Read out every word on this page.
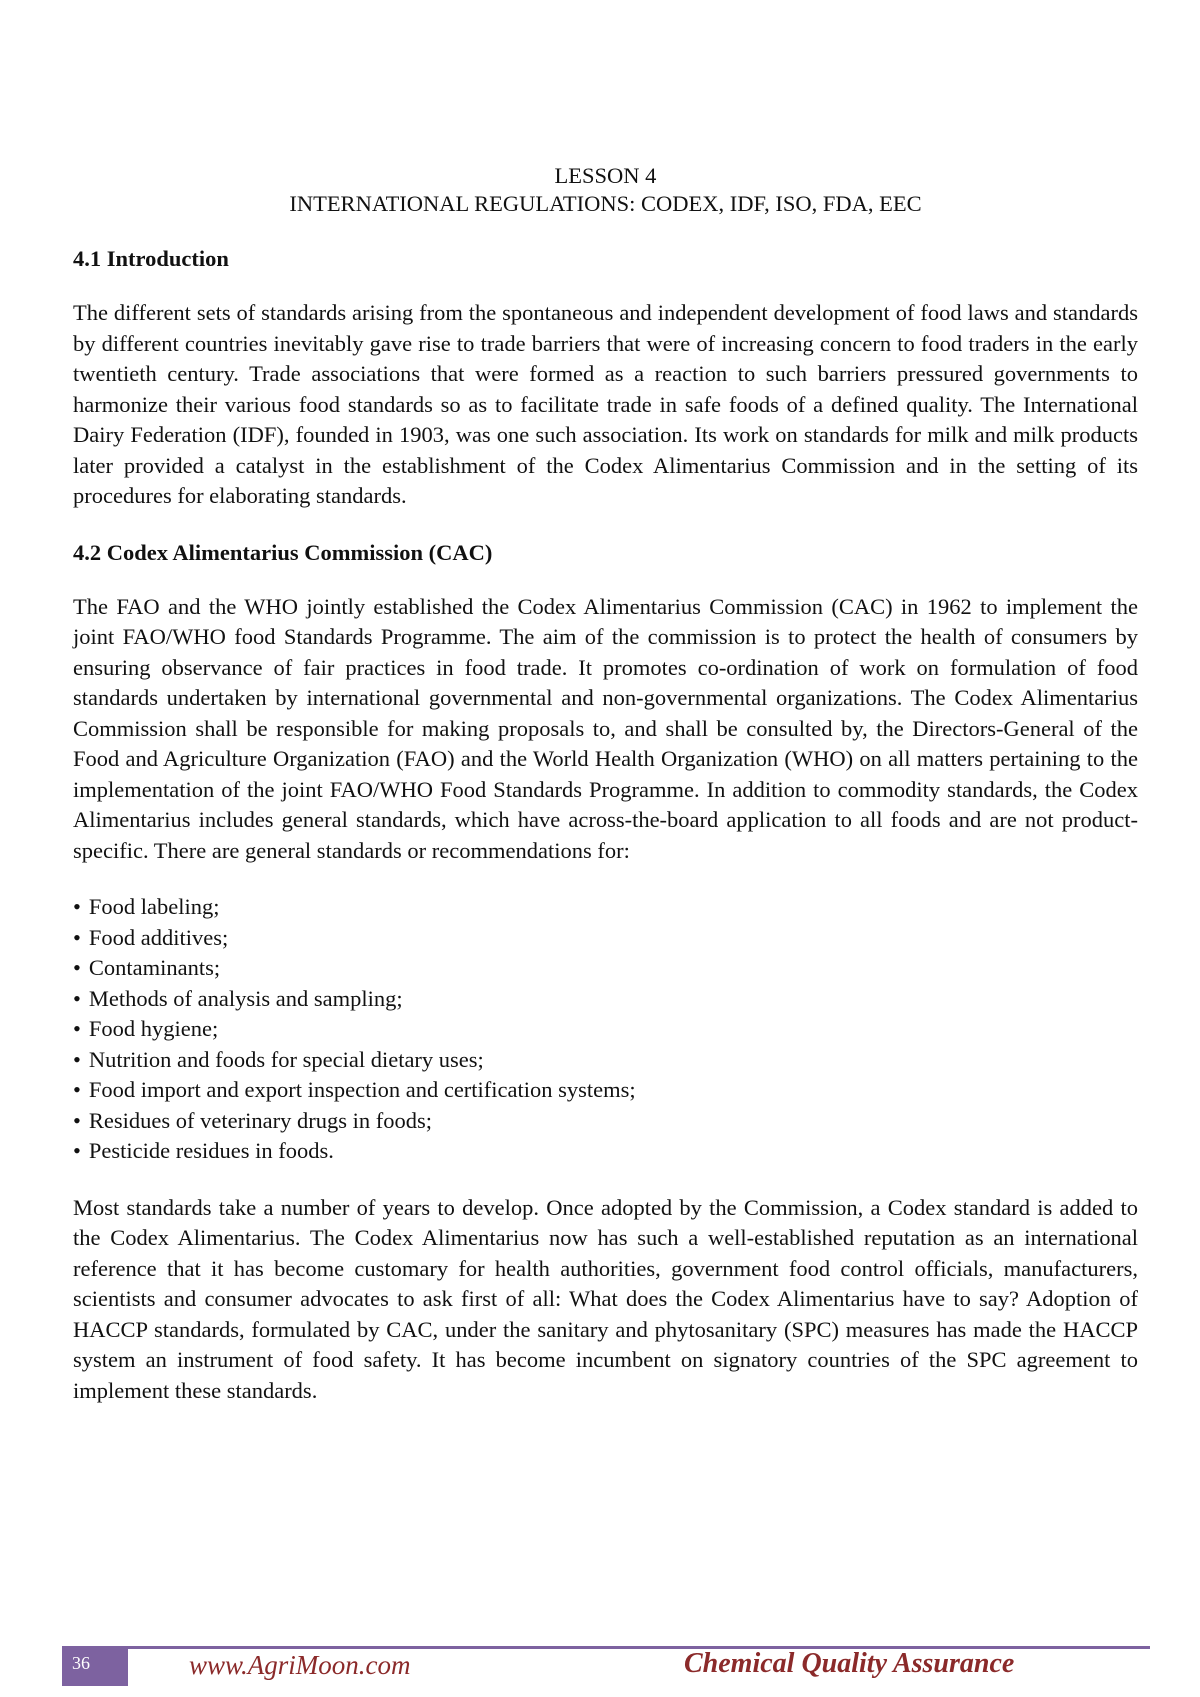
LESSON 4
INTERNATIONAL REGULATIONS: CODEX, IDF, ISO, FDA, EEC
4.1 Introduction

The different sets of standards arising from the spontaneous and independent development of food laws and standards by different countries inevitably gave rise to trade barriers that were of increasing concern to food traders in the early twentieth century. Trade associations that were formed as a reaction to such barriers pressured governments to harmonize their various food standards so as to facilitate trade in safe foods of a defined quality. The International Dairy Federation (IDF), founded in 1903, was one such association. Its work on standards for milk and milk products later provided a catalyst in the establishment of the Codex Alimentarius Commission and in the setting of its procedures for elaborating standards.

4.2 Codex Alimentarius Commission (CAC)

The FAO and the WHO jointly established the Codex Alimentarius Commission (CAC) in 1962 to implement the joint FAO/WHO food Standards Programme. The aim of the commission is to protect the health of consumers by ensuring observance of fair practices in food trade. It promotes co-ordination of work on formulation of food standards undertaken by international governmental and non-governmental organizations. The Codex Alimentarius Commission shall be responsible for making proposals to, and shall be consulted by, the Directors-General of the Food and Agriculture Organization (FAO) and the World Health Organization (WHO) on all matters pertaining to the implementation of the joint FAO/WHO Food Standards Programme. In addition to commodity standards, the Codex Alimentarius includes general standards, which have across-the-board application to all foods and are not product-specific. There are general standards or recommendations for:

• Food labeling;
• Food additives;
• Contaminants;
• Methods of analysis and sampling;
• Food hygiene;
• Nutrition and foods for special dietary uses;
• Food import and export inspection and certification systems;
• Residues of veterinary drugs in foods;
• Pesticide residues in foods.

Most standards take a number of years to develop. Once adopted by the Commission, a Codex standard is added to the Codex Alimentarius. The Codex Alimentarius now has such a well-established reputation as an international reference that it has become customary for health authorities, government food control officials, manufacturers, scientists and consumer advocates to ask first of all: What does the Codex Alimentarius have to say? Adoption of HACCP standards, formulated by CAC, under the sanitary and phytosanitary (SPC) measures has made the HACCP system an instrument of food safety. It has become incumbent on signatory countries of the SPC agreement to implement these standards.

36	www.AgriMoon.com	Chemical Quality Assurance
